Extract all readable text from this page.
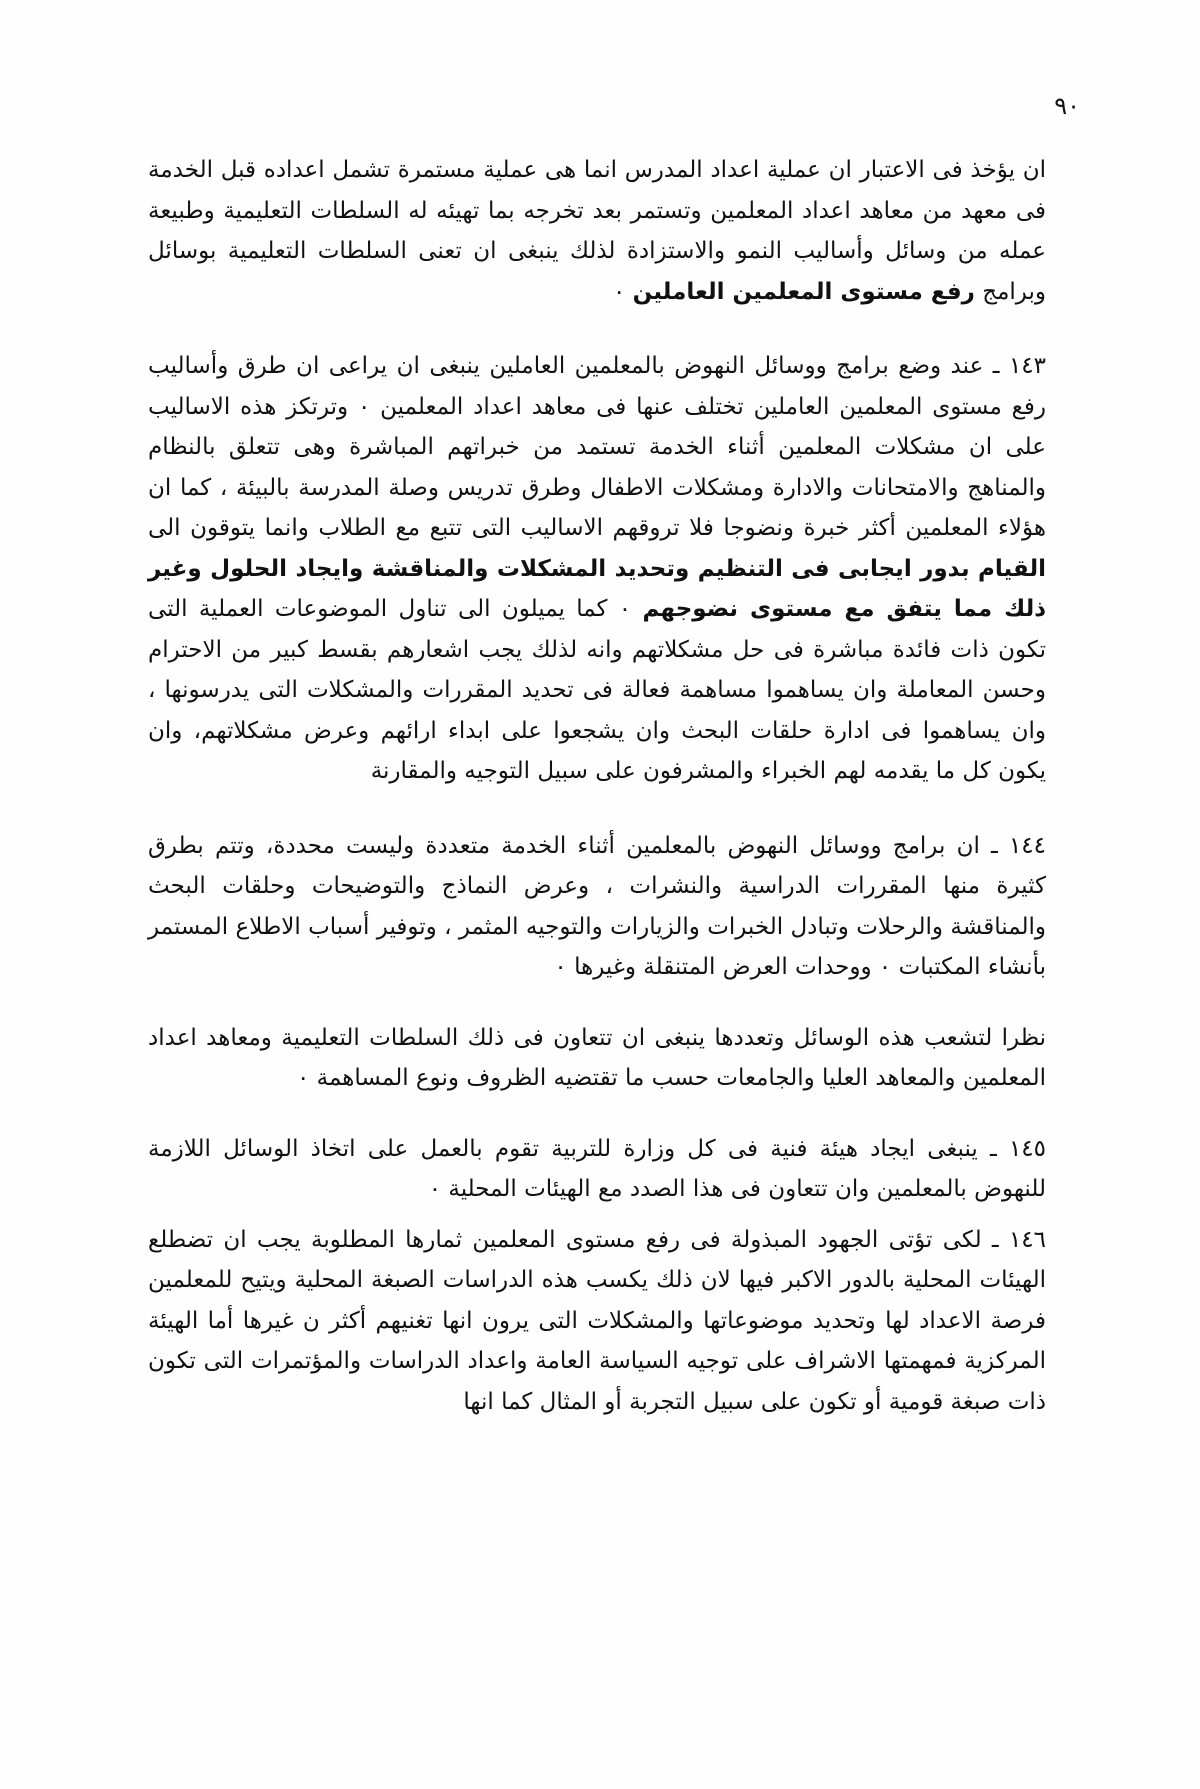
٩٠

ان يؤخذ فى الاعتبار ان عملية اعداد المدرس انما هى عملية مستمرة تشمل اعداده قبل الخدمة فى معهد من معاهد اعداد المعلمين وتستمر بعد تخرجه بما تهيئه له السلطات التعليمية وطبيعة عمله من وسائل وأساليب النمو والاستزادة لذلك ينبغى ان تعنى السلطات التعليمية بوسائل وبرامج رفع مستوى المعلمين العاملين ٠

١٤٣ ـ عند وضع برامج ووسائل النهوض بالمعلمين العاملين ينبغى ان يراعى ان طرق وأساليب رفع مستوى المعلمين العاملين تختلف عنها فى معاهد اعداد المعلمين ٠ وترتكز هذه الاساليب على ان مشكلات المعلمين أثناء الخدمة تستمد من خبراتهم المباشرة وهى تتعلق بالنظام والمناهج والامتحانات والادارة ومشكلات الاطفال وطرق تدريس وصلة المدرسة بالبيئة ، كما ان هؤلاء المعلمين أكثر خبرة ونضوجا فلا تروقهم الاساليب التى تتبع مع الطلاب وانما يتوقون الى القيام بدور ايجابى فى التنظيم وتحديد المشكلات والمناقشة وايجاد الحلول وغير ذلك مما يتفق مع مستوى نضوجهم ٠ كما يميلون الى تناول الموضوعات العملية التى تكون ذات فائدة مباشرة فى حل مشكلاتهم وانه لذلك يجب اشعارهم بقسط كبير من الاحترام وحسن المعاملة وان يساهموا مساهمة فعالة فى تحديد المقررات والمشكلات التى يدرسونها ، وان يساهموا فى ادارة حلقات البحث وان يشجعوا على ابداء ارائهم وعرض مشكلاتهم، وان يكون كل ما يقدمه لهم الخبراء والمشرفون على سبيل التوجيه والمقارنة

١٤٤ ـ ان برامج ووسائل النهوض بالمعلمين أثناء الخدمة متعددة وليست محددة، وتتم بطرق كثيرة منها المقررات الدراسية والنشرات ، وعرض النماذج والتوضيحات وحلقات البحث والمناقشة والرحلات وتبادل الخبرات والزيارات والتوجيه المثمر ، وتوفير أسباب الاطلاع المستمر بأنشاء المكتبات ٠ ووحدات العرض المتنقلة وغيرها ٠

نظرا لتشعب هذه الوسائل وتعددها ينبغى ان تتعاون فى ذلك السلطات التعليمية ومعاهد اعداد المعلمين والمعاهد العليا والجامعات حسب ما تقتضيه الظروف ونوع المساهمة ٠

١٤٥ ـ ينبغى ايجاد هيئة فنية فى كل وزارة للتربية تقوم بالعمل على اتخاذ الوسائل اللازمة للنهوض بالمعلمين وان تتعاون فى هذا الصدد مع الهيئات المحلية ٠

١٤٦ ـ لكى تؤتى الجهود المبذولة فى رفع مستوى المعلمين ثمارها المطلوبة يجب ان تضطلع الهيئات المحلية بالدور الاكبر فيها لان ذلك يكسب هذه الدراسات الصبغة المحلية ويتيح للمعلمين فرصة الاعداد لها وتحديد موضوعاتها والمشكلات التى يرون انها تغنيهم أكثر ن غيرها أما الهيئة المركزية فمهمتها الاشراف على توجيه السياسة العامة واعداد الدراسات والمؤتمرات التى تكون ذات صبغة قومية أو تكون على سبيل التجربة أو المثال كما انها
